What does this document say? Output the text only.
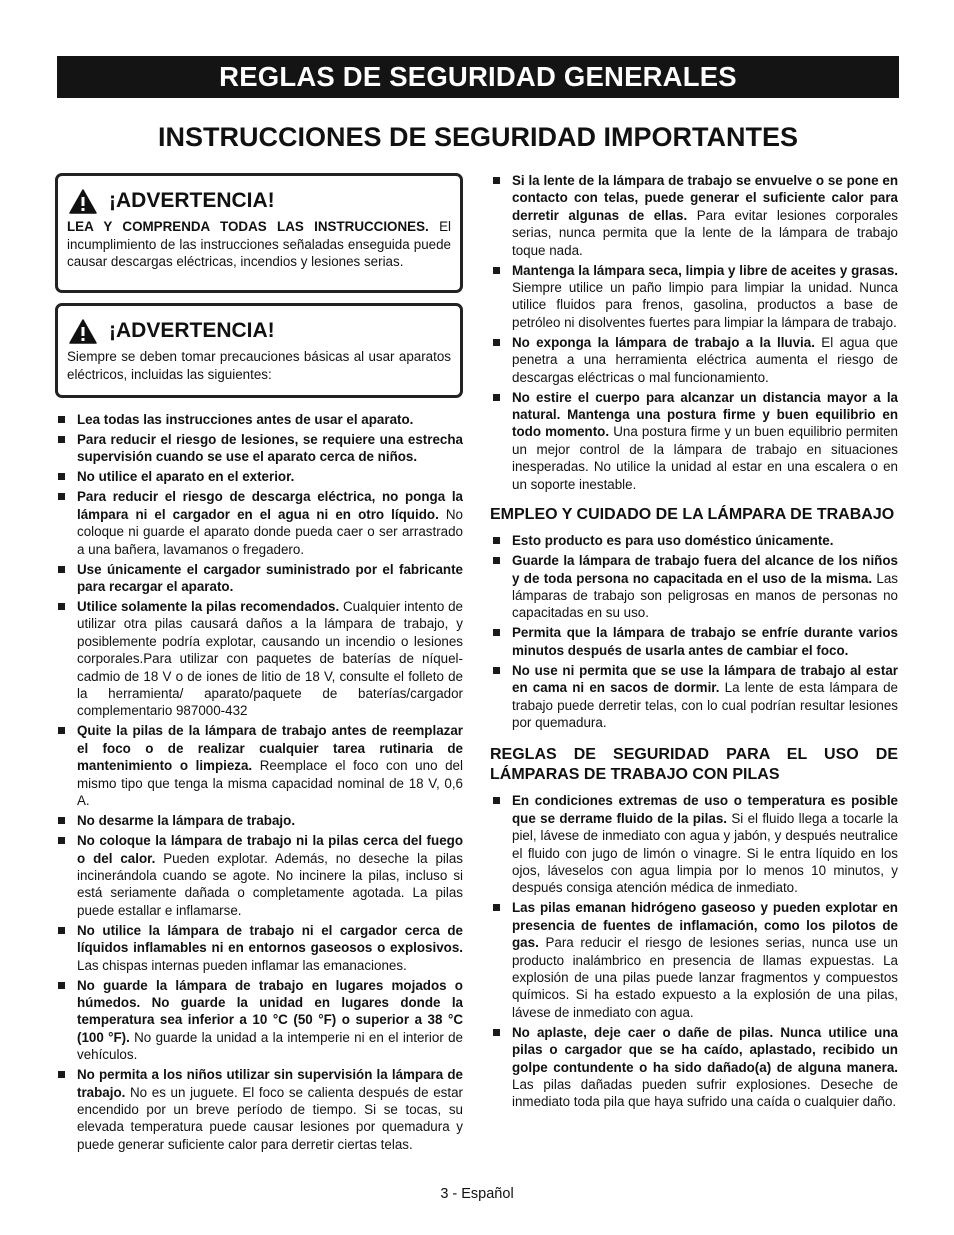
REGLAS DE SEGURIDAD GENERALES
INSTRUCCIONES DE SEGURIDAD IMPORTANTES
¡ADVERTENCIA!
LEA Y COMPRENDA TODAS LAS INSTRUCCIONES. El incumplimiento de las instrucciones señaladas enseguida puede causar descargas eléctricas, incendios y lesiones serias.
¡ADVERTENCIA!
Siempre se deben tomar precauciones básicas al usar aparatos eléctricos, incluidas las siguientes:
Lea todas las instrucciones antes de usar el aparato.
Para reducir el riesgo de lesiones, se requiere una estrecha supervisión cuando se use el aparato cerca de niños.
No utilice el aparato en el exterior.
Para reducir el riesgo de descarga eléctrica, no ponga la lámpara ni el cargador en el agua ni en otro líquido. No coloque ni guarde el aparato donde pueda caer o ser arrastrado a una bañera, lavamanos o fregadero.
Use únicamente el cargador suministrado por el fabricante para recargar el aparato.
Utilice solamente la pilas recomendados. Cualquier intento de utilizar otra pilas causará daños a la lámpara de trabajo, y posiblemente podría explotar, causando un incendio o lesiones corporales.Para utilizar con paquetes de baterías de níquel-cadmio de 18 V o de iones de litio de 18 V, consulte el folleto de la herramienta/ aparato/paquete de baterías/cargador complementario 987000-432
Quite la pilas de la lámpara de trabajo antes de reemplazar el foco o de realizar cualquier tarea rutinaria de mantenimiento o limpieza. Reemplace el foco con uno del mismo tipo que tenga la misma capacidad nominal de 18 V, 0,6 A.
No desarme la lámpara de trabajo.
No coloque la lámpara de trabajo ni la pilas cerca del fuego o del calor. Pueden explotar. Además, no deseche la pilas incinerándola cuando se agote. No incinere la pilas, incluso si está seriamente dañada o completamente agotada. La pilas puede estallar e inflamarse.
No utilice la lámpara de trabajo ni el cargador cerca de líquidos inflamables ni en entornos gaseosos o explosivos. Las chispas internas pueden inflamar las emanaciones.
No guarde la lámpara de trabajo en lugares mojados o húmedos. No guarde la unidad en lugares donde la temperatura sea inferior a 10 °C (50 °F) o superior a 38 °C (100 °F). No guarde la unidad a la intemperie ni en el interior de vehículos.
No permita a los niños utilizar sin supervisión la lámpara de trabajo. No es un juguete. El foco se calienta después de estar encendido por un breve período de tiempo. Si se tocas, su elevada temperatura puede causar lesiones por quemadura y puede generar suficiente calor para derretir ciertas telas.
Si la lente de la lámpara de trabajo se envuelve o se pone en contacto con telas, puede generar el suficiente calor para derretir algunas de ellas. Para evitar lesiones corporales serias, nunca permita que la lente de la lámpara de trabajo toque nada.
Mantenga la lámpara seca, limpia y libre de aceites y grasas. Siempre utilice un paño limpio para limpiar la unidad. Nunca utilice fluidos para frenos, gasolina, productos a base de petróleo ni disolventes fuertes para limpiar la lámpara de trabajo.
No exponga la lámpara de trabajo a la lluvia. El agua que penetra a una herramienta eléctrica aumenta el riesgo de descargas eléctricas o mal funcionamiento.
No estire el cuerpo para alcanzar un distancia mayor a la natural. Mantenga una postura firme y buen equilibrio en todo momento. Una postura firme y un buen equilibrio permiten un mejor control de la lámpara de trabajo en situaciones inesperadas. No utilice la unidad al estar en una escalera o en un soporte inestable.
EMPLEO Y CUIDADO DE LA LÁMPARA DE TRABAJO
Esto producto es para uso doméstico únicamente.
Guarde la lámpara de trabajo fuera del alcance de los niños y de toda persona no capacitada en el uso de la misma. Las lámparas de trabajo son peligrosas en manos de personas no capacitadas en su uso.
Permita que la lámpara de trabajo se enfríe durante varios minutos después de usarla antes de cambiar el foco.
No use ni permita que se use la lámpara de trabajo al estar en cama ni en sacos de dormir. La lente de esta lámpara de trabajo puede derretir telas, con lo cual podrían resultar lesiones por quemadura.
REGLAS DE SEGURIDAD PARA EL USO DE LÁMPARAS DE TRABAJO CON PILAS
En condiciones extremas de uso o temperatura es posible que se derrame fluido de la pilas. Si el fluido llega a tocarle la piel, lávese de inmediato con agua y jabón, y después neutralice el fluido con jugo de limón o vinagre. Si le entra líquido en los ojos, láveselos con agua limpia por lo menos 10 minutos, y después consiga atención médica de inmediato.
Las pilas emanan hidrógeno gaseoso y pueden explotar en presencia de fuentes de inflamación, como los pilotos de gas. Para reducir el riesgo de lesiones serias, nunca use un producto inalámbrico en presencia de llamas expuestas. La explosión de una pilas puede lanzar fragmentos y compuestos químicos. Si ha estado expuesto a la explosión de una pilas, lávese de inmediato con agua.
No aplaste, deje caer o dañe de pilas. Nunca utilice una pilas o cargador que se ha caído, aplastado, recibido un golpe contundente o ha sido dañado(a) de alguna manera. Las pilas dañadas pueden sufrir explosiones. Deseche de inmediato toda pila que haya sufrido una caída o cualquier daño.
3 - Español
